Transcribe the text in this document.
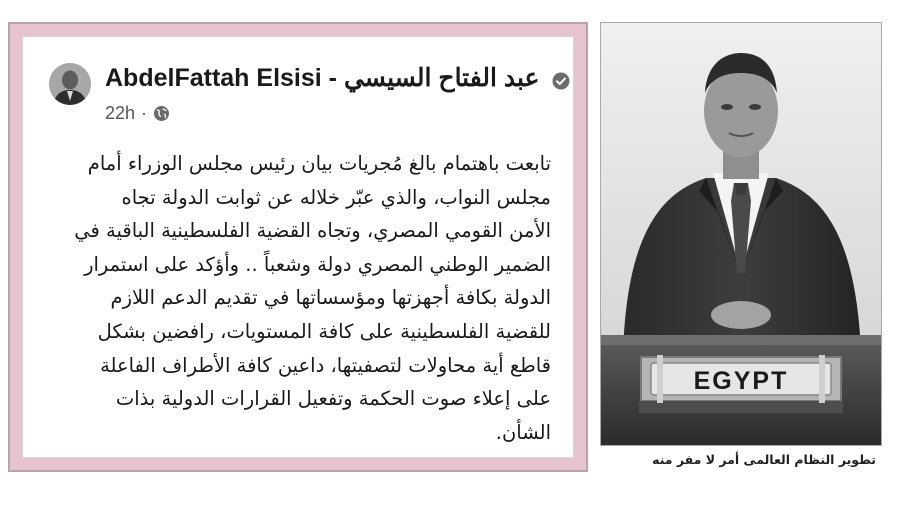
AbdelFattah Elsisi - عبد الفتاح السيسي
22h ·
تابعت باهتمام بالغ مُجريات بيان رئيس مجلس الوزراء أمام
مجلس النواب، والذي عبّر خلاله عن ثوابت الدولة تجاه
الأمن القومي المصري، وتجاه القضية الفلسطينية الباقية في
الضمير الوطني المصري دولة وشعباً .. وأؤكد على استمرار
الدولة بكافة أجهزتها ومؤسساتها في تقديم الدعم اللازم
للقضية الفلسطينية على كافة المستويات، رافضين بشكل
قاطع أية محاولات لتصفيتها، داعين كافة الأطراف الفاعلة
على إعلاء صوت الحكمة وتفعيل القرارات الدولية بذات
الشأن.
EGYPT
تطوير النظام العالمى أمر لا مفر منه
